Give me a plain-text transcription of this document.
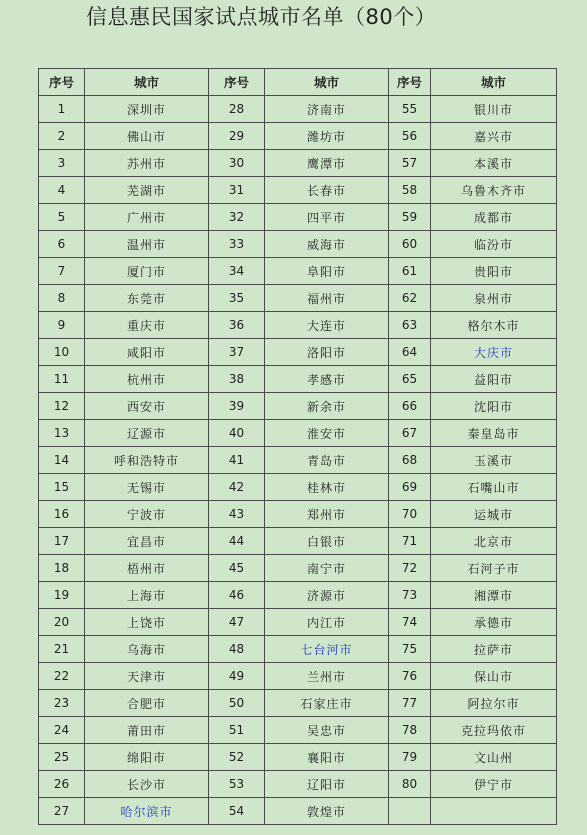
信息惠民国家试点城市名单（80个）
序号	城市	序号	城市	序号	城市
1	深圳市	28	济南市	55	银川市
2	佛山市	29	潍坊市	56	嘉兴市
3	苏州市	30	鹰潭市	57	本溪市
4	芜湖市	31	长春市	58	乌鲁木齐市
5	广州市	32	四平市	59	成都市
6	温州市	33	威海市	60	临汾市
7	厦门市	34	阜阳市	61	贵阳市
8	东莞市	35	福州市	62	泉州市
9	重庆市	36	大连市	63	格尔木市
10	咸阳市	37	洛阳市	64	大庆市
11	杭州市	38	孝感市	65	益阳市
12	西安市	39	新余市	66	沈阳市
13	辽源市	40	淮安市	67	秦皇岛市
14	呼和浩特市	41	青岛市	68	玉溪市
15	无锡市	42	桂林市	69	石嘴山市
16	宁波市	43	郑州市	70	运城市
17	宜昌市	44	白银市	71	北京市
18	梧州市	45	南宁市	72	石河子市
19	上海市	46	济源市	73	湘潭市
20	上饶市	47	内江市	74	承德市
21	乌海市	48	七台河市	75	拉萨市
22	天津市	49	兰州市	76	保山市
23	合肥市	50	石家庄市	77	阿拉尔市
24	莆田市	51	吴忠市	78	克拉玛依市
25	绵阳市	52	襄阳市	79	文山州
26	长沙市	53	辽阳市	80	伊宁市
27	哈尔滨市	54	敦煌市		
